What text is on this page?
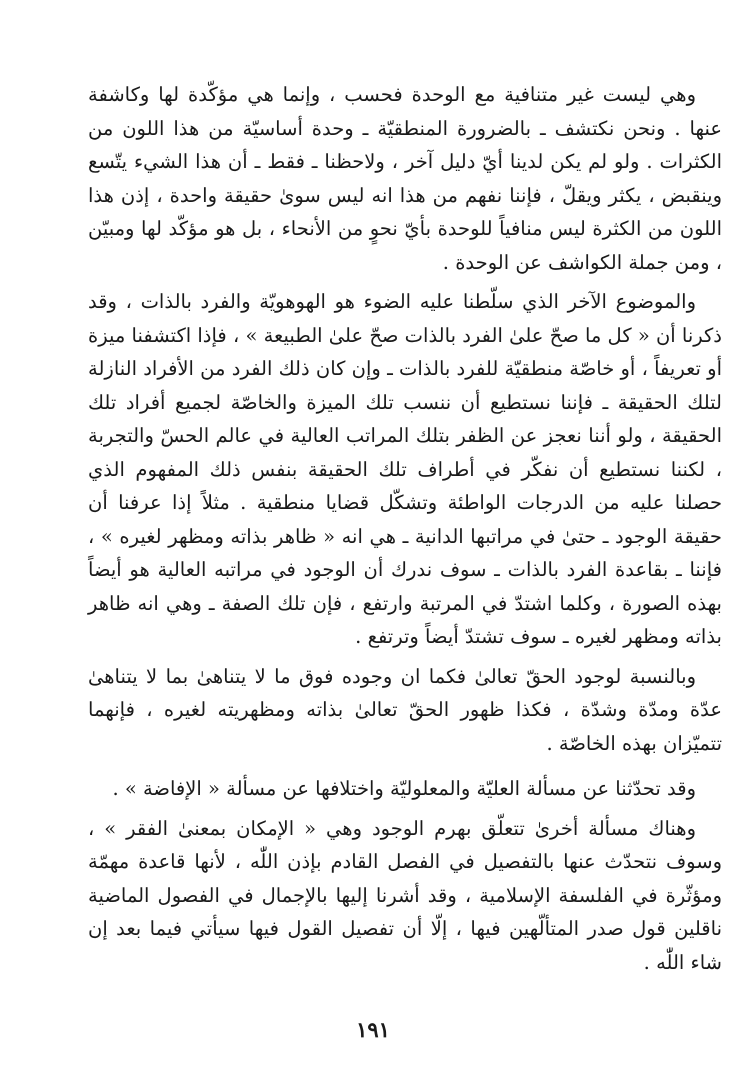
وهي ليست غير متنافية مع الوحدة فحسب ، وإنما هي مؤكّدة لها وكاشفة عنها . ونحن نكتشف ـ بالضرورة المنطقيّة ـ وحدة أساسيّة من هذا اللون من الكثرات . ولو لم يكن لدينا أيّ دليل آخر ، ولاحظنا ـ فقط ـ أن هذا الشيء يتّسع وينقبض ، يكثر ويقلّ ، فإننا نفهم من هذا انه ليس سوىٰ حقيقة واحدة ، إذن هذا اللون من الكثرة ليس منافياً للوحدة بأيّ نحوٍ من الأنحاء ، بل هو مؤكّد لها ومبيّن ، ومن جملة الكواشف عن الوحدة .

والموضوع الآخر الذي سلّطنا عليه الضوء هو الهوهويّة والفرد بالذات ، وقد ذكرنا أن « كل ما صحّ علىٰ الفرد بالذات صحّ علىٰ الطبيعة » ، فإذا اكتشفنا ميزة أو تعريفاً ، أو خاصّة منطقيّة للفرد بالذات ـ وإن كان ذلك الفرد من الأفراد النازلة لتلك الحقيقة ـ فإننا نستطيع أن ننسب تلك الميزة والخاصّة لجميع أفراد تلك الحقيقة ، ولو أننا نعجز عن الظفر بتلك المراتب العالية في عالم الحسّ والتجربة ، لكننا نستطيع أن نفكّر في أطراف تلك الحقيقة بنفس ذلك المفهوم الذي حصلنا عليه من الدرجات الواطئة وتشكّل قضايا منطقية . مثلاً إذا عرفنا أن حقيقة الوجود ـ حتىٰ في مراتبها الدانية ـ هي انه « ظاهر بذاته ومظهر لغيره » ، فإننا ـ بقاعدة الفرد بالذات ـ سوف ندرك أن الوجود في مراتبه العالية هو أيضاً بهذه الصورة ، وكلما اشتدّ في المرتبة وارتفع ، فإن تلك الصفة ـ وهي انه ظاهر بذاته ومظهر لغيره ـ سوف تشتدّ أيضاً وترتفع .

وبالنسبة لوجود الحقّ تعالىٰ فكما ان وجوده فوق ما لا يتناهىٰ بما لا يتناهىٰ عدّة ومدّة وشدّة ، فكذا ظهور الحقّ تعالىٰ بذاته ومظهريته لغيره ، فإنهما تتميّزان بهذه الخاصّة .

وقد تحدّثنا عن مسألة العليّة والمعلوليّة واختلافها عن مسألة « الإفاضة » .

وهناك مسألة أخرىٰ تتعلّق بهرم الوجود وهي « الإمكان بمعنىٰ الفقر » ، وسوف نتحدّث عنها بالتفصيل في الفصل القادم بإذن اللّٰه ، لأنها قاعدة مهمّة ومؤثّرة في الفلسفة الإسلامية ، وقد أشرنا إليها بالإجمال في الفصول الماضية ناقلين قول صدر المتألّهين فيها ، إلّا أن تفصيل القول فيها سيأتي فيما بعد إن شاء اللّٰه .

١٩١
